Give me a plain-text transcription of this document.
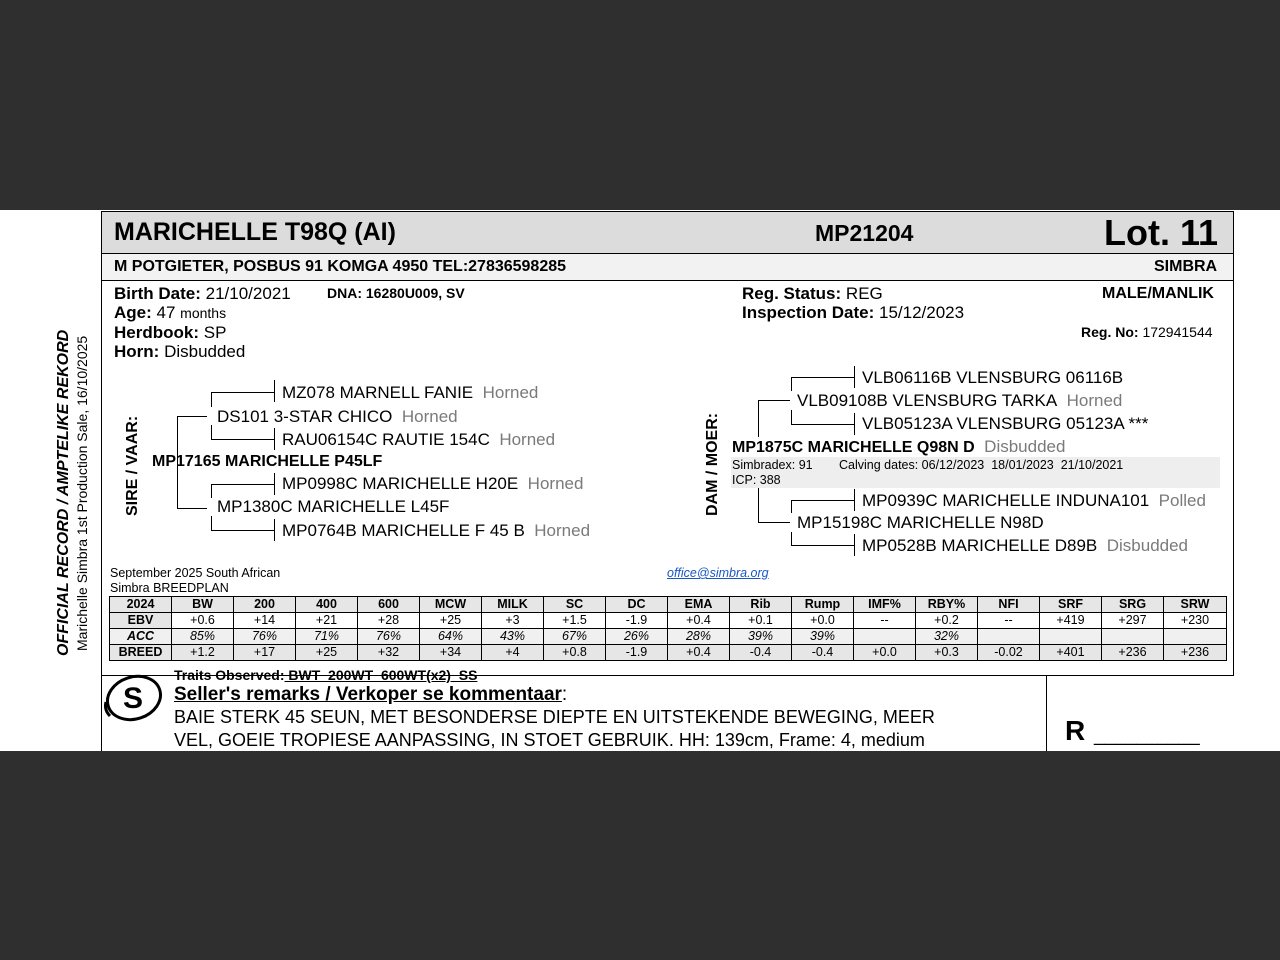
MARICHELLE T98Q (AI)	MP21204	Lot. 11
M POTGIETER, POSBUS 91 KOMGA 4950 TEL:27836598285	SIMBRA
OFFICIAL RECORD / AMPTELIKE REKORD Marichelle Simbra 1st Production Sale, 16/10/2025
Birth Date: 21/10/2021	DNA: 16280U009, SV
Age: 47 months
Herdbook: SP
Horn: Disbudded
Reg. Status: REG
Inspection Date: 15/12/2023
MALE/MANLIK
Reg. No: 172941544
SIRE / VAAR:
MZ078 MARNELL FANIE Horned
DS101 3-STAR CHICO Horned
RAU06154C RAUTIE 154C Horned
MP17165 MARICHELLE P45LF
MP0998C MARICHELLE H20E Horned
MP1380C MARICHELLE L45F
MP0764B MARICHELLE F 45 B Horned
DAM / MOER:
VLB06116B VLENSBURG 06116B
VLB09108B VLENSBURG TARKA Horned
VLB05123A VLENSBURG 05123A ***
MP1875C MARICHELLE Q98N D Disbudded
Simbradex: 91 Calving dates: 06/12/2023  18/01/2023  21/10/2021
ICP: 388
MP0939C MARICHELLE INDUNA101 Polled
MP15198C MARICHELLE N98D
MP0528B MARICHELLE D89B Disbudded
September 2025 South African
Simbra BREEDPLAN
office@simbra.org
2024	BW	200	400	600	MCW	MILK	SC	DC	EMA	Rib	Rump	IMF%	RBY%	NFI	SRF	SRG	SRW
EBV	+0.6	+14	+21	+28	+25	+3	+1.5	-1.9	+0.4	+0.1	+0.0	--	+0.2	--	+419	+297	+230
ACC	85%	76%	71%	76%	64%	43%	67%	26%	28%	39%	39%		32%				
BREED	+1.2	+17	+25	+32	+34	+4	+0.8	-1.9	+0.4	-0.4	-0.4	+0.0	+0.3	-0.02	+401	+236	+236
Traits Observed: BWT  200WT  600WT(x2)  SS
S Seller's remarks / Verkoper se kommentaar:
BAIE STERK 45 SEUN, MET BESONDERSE DIEPTE EN UITSTEKENDE BEWEGING, MEER
VEL, GOEIE TROPIESE AANPASSING, IN STOET GEBRUIK. HH: 139cm, Frame: 4, medium	R __________
